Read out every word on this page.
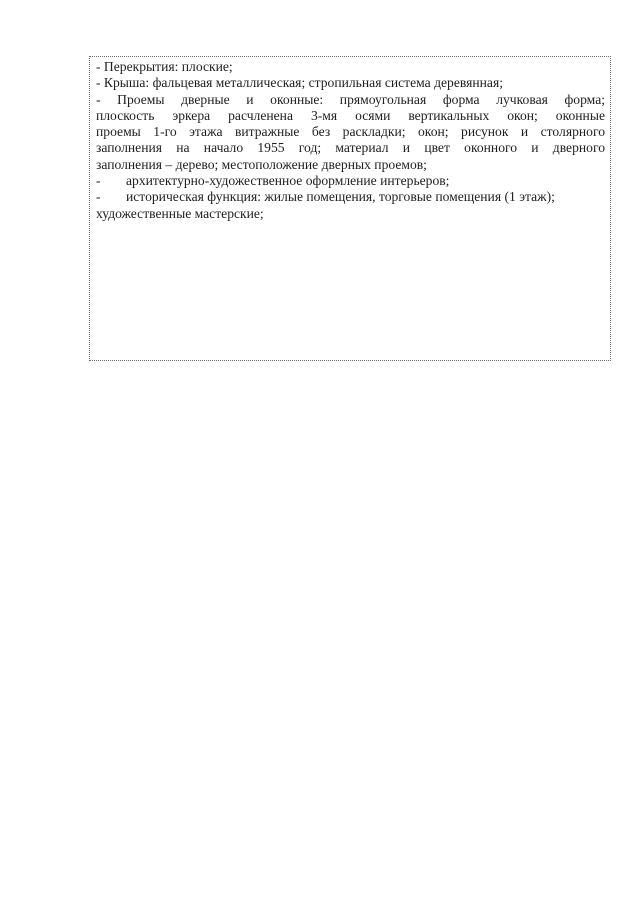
- Перекрытия: плоские;
- Крыша: фальцевая металлическая; стропильная система деревянная;
- Проемы дверные и оконные: прямоугольная форма лучковая форма;
плоскость эркера расчленена 3-мя осями вертикальных окон; оконные
проемы 1-го этажа витражные без раскладки; окон; рисунок и столярного
заполнения на начало 1955 год; материал и цвет оконного и дверного
заполнения – дерево; местоположение дверных проемов;
- архитектурно-художественное оформление интерьеров;
- историческая функция: жилые помещения, торговые помещения (1 этаж);
художественные мастерские;
